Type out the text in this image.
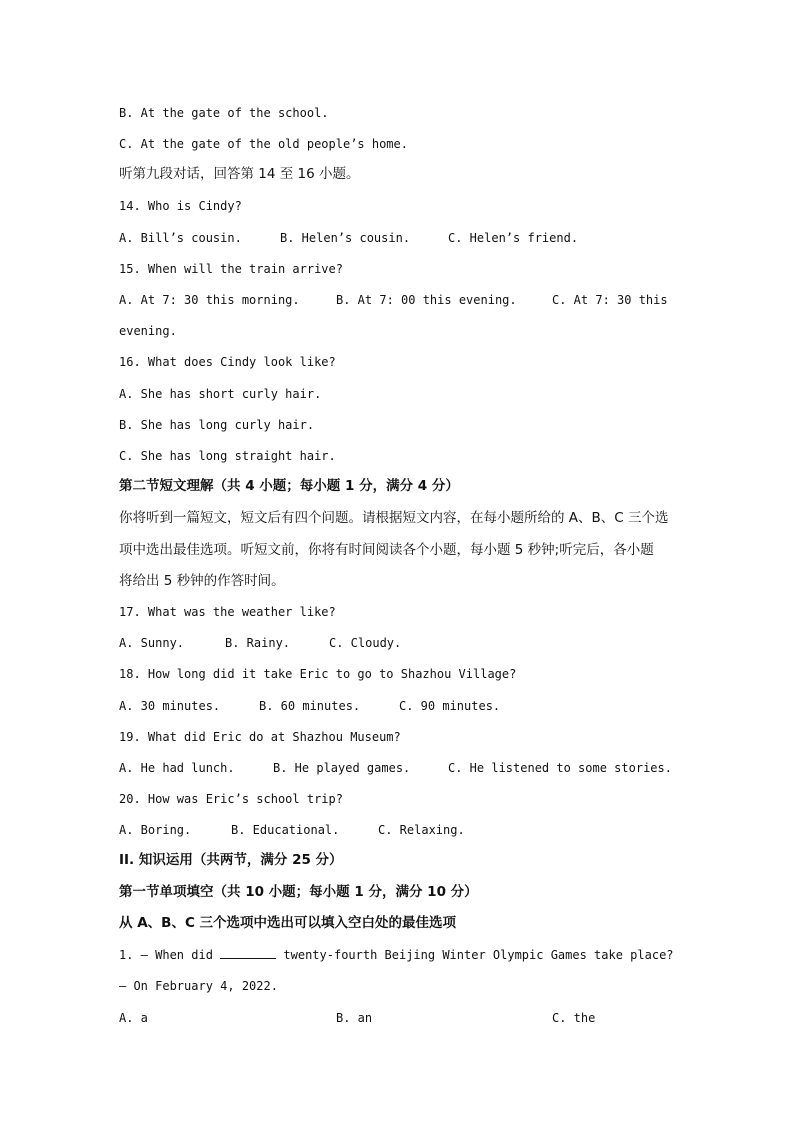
B. At the gate of the school.
C. At the gate of the old people’s home.
听第九段对话，回答第 14 至 16 小题。
14. Who is Cindy?
A. Bill’s cousin.	B. Helen’s cousin.	C. Helen’s friend.
15. When will the train arrive?
A. At 7: 30 this morning.	B. At 7: 00 this evening.	C. At 7: 30 this
evening.
16. What does Cindy look like?
A. She has short curly hair.
B. She has long curly hair.
C. She has long straight hair.
第二节短文理解（共 4 小题；每小题 1 分，满分 4 分）
你将听到一篇短文，短文后有四个问题。请根据短文内容，在每小题所给的 A、B、C 三个选
项中选出最佳选项。听短文前，你将有时间阅读各个小题，每小题 5 秒钟;听完后，各小题
将给出 5 秒钟的作答时间。
17. What was the weather like?
A. Sunny.	B. Rainy.	C. Cloudy.
18. How long did it take Eric to go to Shazhou Village?
A. 30 minutes.	B. 60 minutes.	C. 90 minutes.
19. What did Eric do at Shazhou Museum?
A. He had lunch.	B. He played games.	C. He listened to some stories.
20. How was Eric’s school trip?
A. Boring.	B. Educational.	C. Relaxing.
II. 知识运用（共两节，满分 25 分）
第一节单项填空（共 10 小题；每小题 1 分，满分 10 分）
从 A、B、C 三个选项中选出可以填入空白处的最佳选项
1. — When did	twenty-fourth Beijing Winter Olympic Games take place?
— On February 4, 2022.
A. a	B. an	C. the
